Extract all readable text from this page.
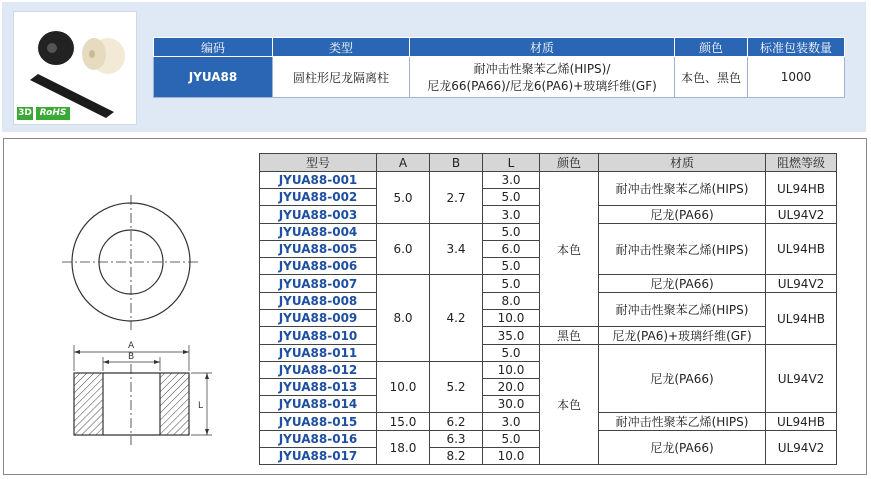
3D RoHS
编码	类型	材质	颜色	标准包装数量
JYUA88	圆柱形尼龙隔离柱	耐冲击性聚苯乙烯(HIPS)/
尼龙66(PA66)/尼龙6(PA6)+玻璃纤维(GF)	本色、黑色	1000
A
B
L
型号	A	B	L	颜色	材质	阻燃等级
JYUA88-001	5.0	2.7	3.0	本色	耐冲击性聚苯乙烯(HIPS)	UL94HB
JYUA88-002			5.0			
JYUA88-003			3.0		尼龙(PA66)	UL94V2
JYUA88-004	6.0	3.4	5.0		耐冲击性聚苯乙烯(HIPS)	UL94HB
JYUA88-005			6.0			
JYUA88-006			5.0			
JYUA88-007	8.0	4.2	5.0		尼龙(PA66)	UL94V2
JYUA88-008			8.0		耐冲击性聚苯乙烯(HIPS)	UL94HB
JYUA88-009			10.0			
JYUA88-010			35.0	黑色	尼龙(PA6)+玻璃纤维(GF)	
JYUA88-011			5.0	本色	尼龙(PA66)	UL94V2
JYUA88-012	10.0	5.2	10.0			
JYUA88-013			20.0			
JYUA88-014			30.0			
JYUA88-015	15.0	6.2	3.0		耐冲击性聚苯乙烯(HIPS)	UL94HB
JYUA88-016	18.0	6.3	5.0		尼龙(PA66)	UL94V2
JYUA88-017		8.2	10.0			
